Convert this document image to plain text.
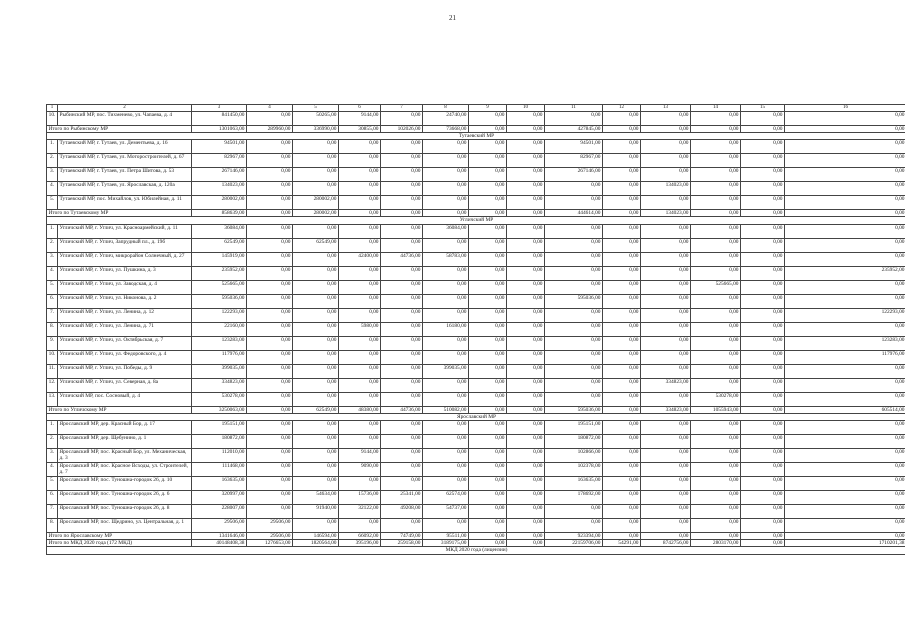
21
1	2	3	4	5	6	7	8	9	10	11	12	13	14	15	16
10.	Рыбинский МР, пос. Тихменево, ул. Чапаева, д. 4	841450,00	0,00	50265,00	9144,00	0,00	24740,00	0,00	0,00	0,00	0,00	0,00	0,00	0,00	0,00
Итого по Рыбинскому МР		1301063,00	289960,00	336990,00	30855,00	102026,00	73668,00	0,00	0,00	427845,00	0,00	0,00	0,00	0,00	0,00
Тутаевский МР															
1.	Тутаевский МР, г. Тутаев, ул. Дементьева, д. 16	94501,00	0,00	0,00	0,00	0,00	0,00	0,00	0,00	94501,00	0,00	0,00	0,00	0,00	0,00
2.	Тутаевский МР, г. Тутаев, ул. Моторостроителей, д. 67	82967,00	0,00	0,00	0,00	0,00	0,00	0,00	0,00	82967,00	0,00	0,00	0,00	0,00	0,00
3.	Тутаевский МР, г. Тутаев, ул. Петра Шитова, д. 53	267146,00	0,00	0,00	0,00	0,00	0,00	0,00	0,00	267146,00	0,00	0,00	0,00	0,00	0,00
4.	Тутаевский МР, г. Тутаев, ул. Ярославская, д. 120а	134023,00	0,00	0,00	0,00	0,00	0,00	0,00	0,00	0,00	0,00	134023,00	0,00	0,00	0,00
5.	Тутаевский МР, пос. Михайлов, ул. Юбилейная, д. 11	280002,00	0,00	280002,00	0,00	0,00	0,00	0,00	0,00	0,00	0,00	0,00	0,00	0,00	0,00
Итого по Тутаевскому МР		858639,00	0,00	280002,00	0,00	0,00	0,00	0,00	0,00	444614,00	0,00	134023,00	0,00	0,00	0,00
Угличский МР															
1.	Угличский МР, г. Углич, ул. Красноармейский, д. 11	36084,00	0,00	0,00	0,00	0,00	36084,00	0,00	0,00	0,00	0,00	0,00	0,00	0,00	0,00
2.	Угличский МР, г. Углич, Запрудный пл., д. 19б	62549,00	0,00	62549,00	0,00	0,00	0,00	0,00	0,00	0,00	0,00	0,00	0,00	0,00	0,00
3.	Угличский МР, г. Углич, микрорайон Солнечный, д. 27	145919,00	0,00	0,00	42400,00	44736,00	58783,00	0,00	0,00	0,00	0,00	0,00	0,00	0,00	0,00
4.	Угличский МР, г. Углич, ул. Пушкина, д. 3	235952,00	0,00	0,00	0,00	0,00	0,00	0,00	0,00	0,00	0,00	0,00	0,00	0,00	235952,00
5.	Угличский МР, г. Углич, ул. Заводская, д. 4	525665,00	0,00	0,00	0,00	0,00	0,00	0,00	0,00	0,00	0,00	0,00	525665,00	0,00	0,00
6.	Угличский МР, г. Углич, ул. Никонова, д. 2	595036,00	0,00	0,00	0,00	0,00	0,00	0,00	0,00	595036,00	0,00	0,00	0,00	0,00	0,00
7.	Угличский МР, г. Углич, ул. Ленина, д. 12	122293,00	0,00	0,00	0,00	0,00	0,00	0,00	0,00	0,00	0,00	0,00	0,00	0,00	122293,00
8.	Угличский МР, г. Углич, ул. Ленина, д. 71	22160,00	0,00	0,00	5980,00	0,00	16180,00	0,00	0,00	0,00	0,00	0,00	0,00	0,00	0,00
9.	Угличский МР, г. Углич, ул. Октябрьская, д. 7	123283,00	0,00	0,00	0,00	0,00	0,00	0,00	0,00	0,00	0,00	0,00	0,00	0,00	123283,00
10.	Угличский МР, г. Углич, ул. Федоровского, д. 4	117976,00	0,00	0,00	0,00	0,00	0,00	0,00	0,00	0,00	0,00	0,00	0,00	0,00	117976,00
11.	Угличский МР, г. Углич, ул. Победы, д. 9	399035,00	0,00	0,00	0,00	0,00	399035,00	0,00	0,00	0,00	0,00	0,00	0,00	0,00	0,00
12.	Угличский МР, г. Углич, ул. Северная, д. 8а	334823,00	0,00	0,00	0,00	0,00	0,00	0,00	0,00	0,00	0,00	334823,00	0,00	0,00	0,00
13.	Угличский МР, пос. Сосновый, д. 4	530278,00	0,00	0,00	0,00	0,00	0,00	0,00	0,00	0,00	0,00	0,00	530278,00	0,00	0,00
Итого по Угличскому МР		3250063,00	0,00	62549,00	48380,00	44736,00	510082,00	0,00	0,00	595036,00	0,00	334823,00	1055943,00	0,00	605514,00
Ярославский МР															
1.	Ярославский МР, дер. Красный Бор, д. 17	195151,00	0,00	0,00	0,00	0,00	0,00	0,00	0,00	195151,00	0,00	0,00	0,00	0,00	0,00
2.	Ярославский МР, дер. Щебунино, д. 1	180872,00	0,00	0,00	0,00	0,00	0,00	0,00	0,00	180872,00	0,00	0,00	0,00	0,00	0,00
3.	Ярославский МР, пос. Красный Бор, ул. Механическая, д. 3	112010,00	0,00	0,00	9144,00	0,00	0,00	0,00	0,00	102866,00	0,00	0,00	0,00	0,00	0,00
4.	Ярославский МР, пос. Красное Всходы, ул. Строителей, д. 7	111468,00	0,00	0,00	9090,00	0,00	0,00	0,00	0,00	102378,00	0,00	0,00	0,00	0,00	0,00
5.	Ярославский МР, пос. Туношна-городок 26, д. 10	163635,00	0,00	0,00	0,00	0,00	0,00	0,00	0,00	163635,00	0,00	0,00	0,00	0,00	0,00
6.	Ярославский МР, пос. Туношна-городок 26, д. 6	320997,00	0,00	54634,00	15736,00	25341,00	62574,00	0,00	0,00	178692,00	0,00	0,00	0,00	0,00	0,00
7.	Ярославский МР, пос. Туношна-городок 26, д. 8	228007,00	0,00	91940,00	32122,00	49208,00	54737,00	0,00	0,00	0,00	0,00	0,00	0,00	0,00	0,00
8.	Ярославский МР, пос. Щедрино, ул. Центральная, д. 1	29506,00	29506,00	0,00	0,00	0,00	0,00	0,00	0,00	0,00	0,00	0,00	0,00	0,00	0,00
Итого по Ярославскому МР		1341646,00	29506,00	146594,00	66092,00	74749,00	95511,00	0,00	0,00	923394,00	0,00	0,00	0,00	0,00	0,00
Итого по МКД 2020 года (172 МКД)		40148408,38	1276653,00	1820564,00	395196,00	259158,00	3189175,00	0,00	0,00	22159706,00	54291,00	8742756,00	2803170,00	0,00	1710201,38
МКД 2020 года (лицензии)															
